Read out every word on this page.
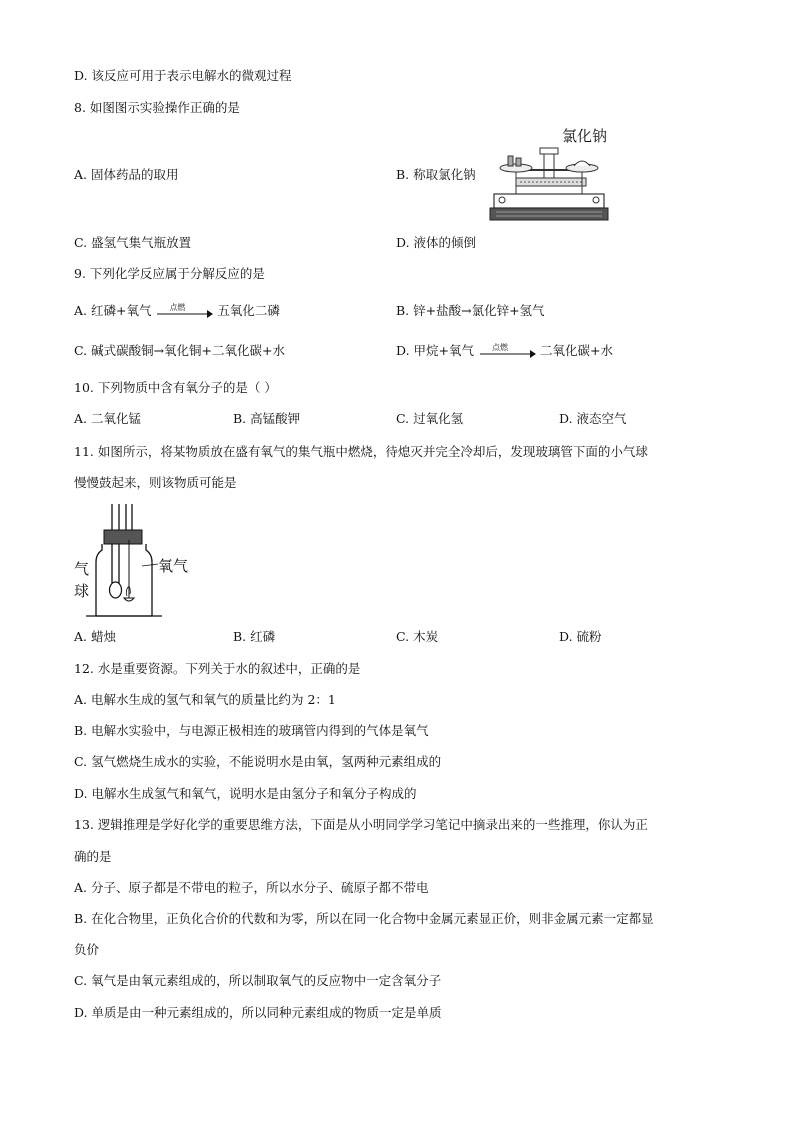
D. 该反应可用于表示电解水的微观过程
8. 如图图示实验操作正确的是
A. 固体药品的取用	B. 称取氯化钠
氯化钠
C. 盛氢气集气瓶放置	D. 液体的倾倒
9. 下列化学反应属于分解反应的是
A. 红磷+氧气 点燃	五氧化二磷	B. 锌+盐酸→氯化锌+氢气
C. 碱式碳酸铜→氧化铜+二氧化碳+水	D. 甲烷+氧气 点燃	二氧化碳+水
10. 下列物质中含有氧分子的是（ ）
A. 二氧化锰	B. 高锰酸钾	C. 过氧化氢	D. 液态空气
11. 如图所示，将某物质放在盛有氧气的集气瓶中燃烧，待熄灭并完全冷却后，发现玻璃管下面的小气球
慢慢鼓起来，则该物质可能是
气
球
氧气
A. 蜡烛	B. 红磷	C. 木炭	D. 硫粉
12. 水是重要资源。下列关于水的叙述中，正确的是
A. 电解水生成的氢气和氧气的质量比约为 2：1
B. 电解水实验中，与电源正极相连的玻璃管内得到的气体是氧气
C. 氢气燃烧生成水的实验，不能说明水是由氧，氢两种元素组成的
D. 电解水生成氢气和氧气，说明水是由氢分子和氧分子构成的
13. 逻辑推理是学好化学的重要思维方法，下面是从小明同学学习笔记中摘录出来的一些推理，你认为正
确的是
A. 分子、原子都是不带电的粒子，所以水分子、硫原子都不带电
B. 在化合物里，正负化合价的代数和为零，所以在同一化合物中金属元素显正价，则非金属元素一定都显
负价
C. 氧气是由氧元素组成的，所以制取氧气的反应物中一定含氧分子
D. 单质是由一种元素组成的，所以同种元素组成的物质一定是单质
